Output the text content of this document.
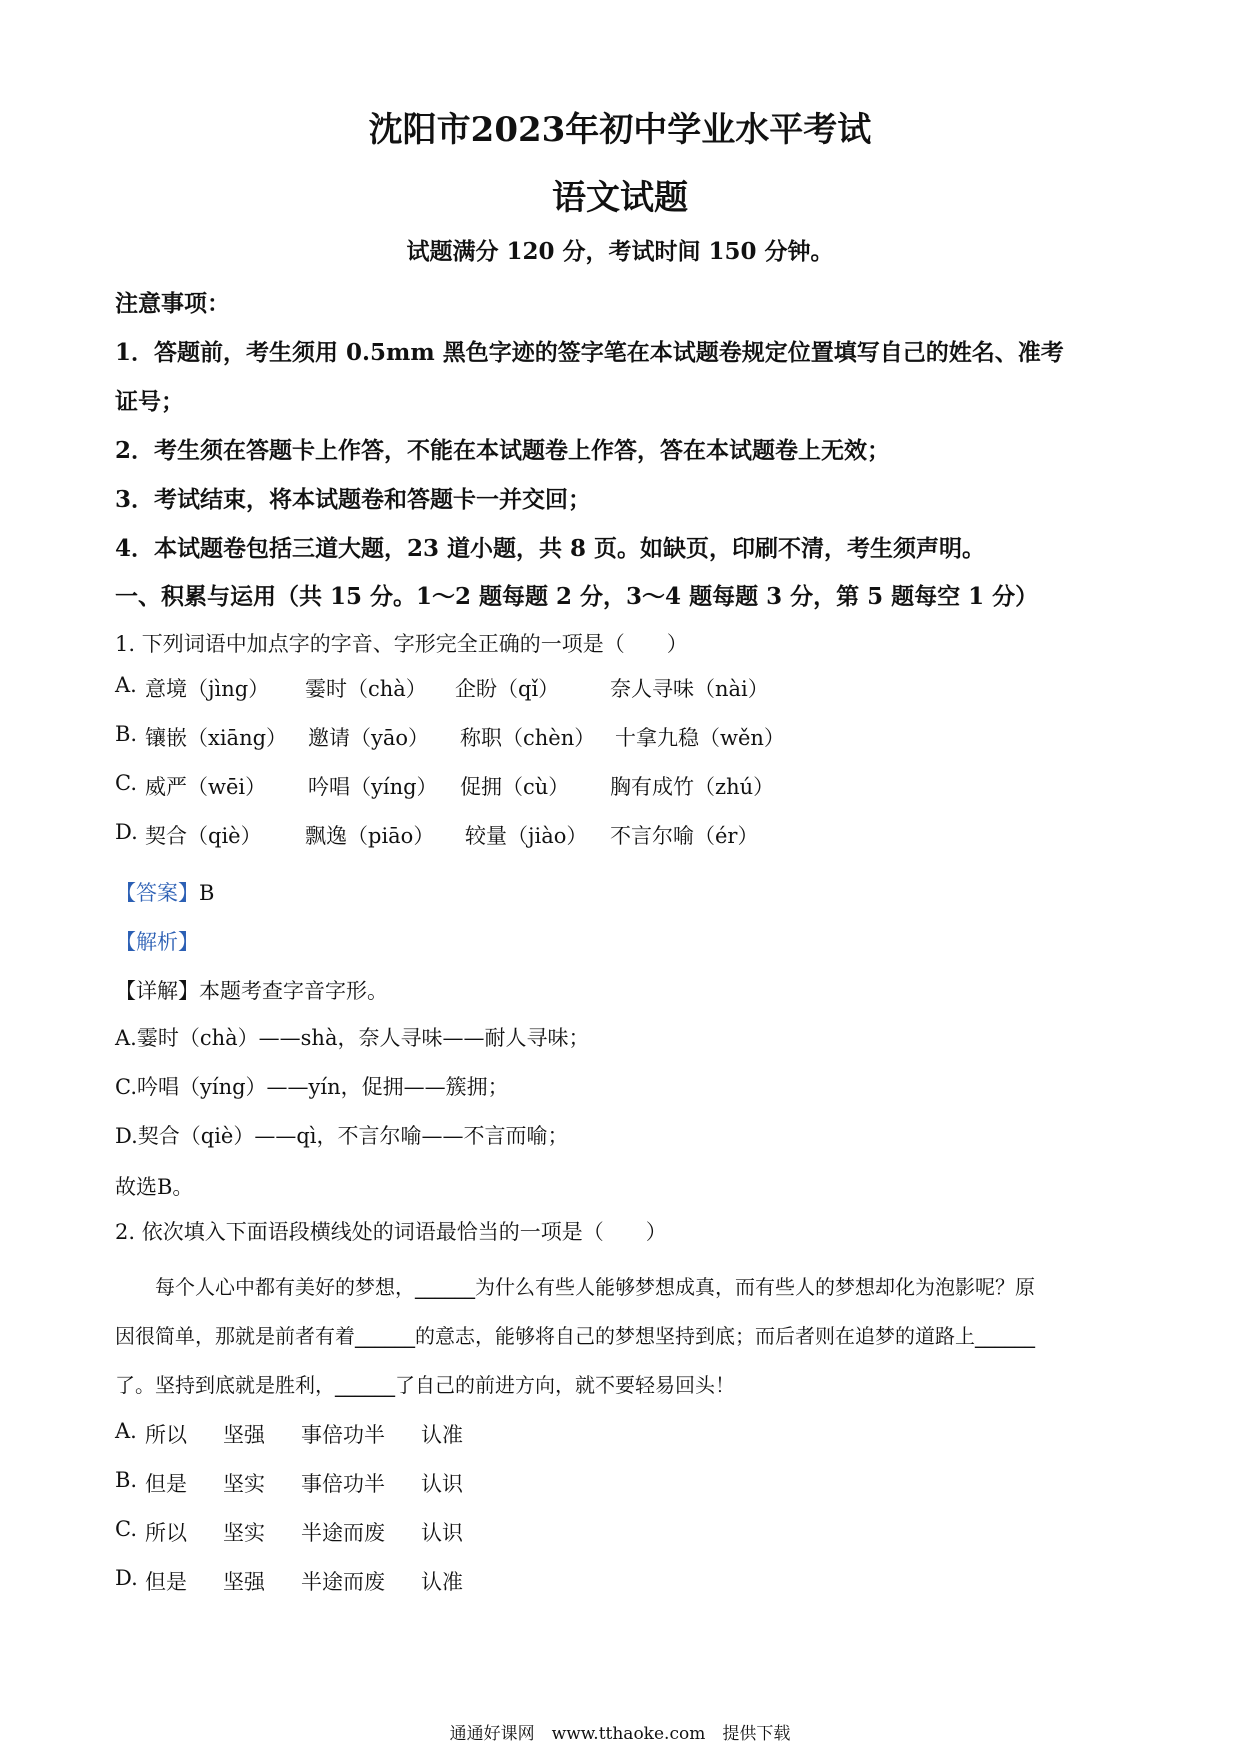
沈阳市2023年初中学业水平考试
语文试题
试题满分 120 分，考试时间 150 分钟。
注意事项：
1．答题前，考生须用 0.5mm 黑色字迹的签字笔在本试题卷规定位置填写自己的姓名、准考
证号；
2．考生须在答题卡上作答，不能在本试题卷上作答，答在本试题卷上无效；
3．考试结束，将本试题卷和答题卡一并交回；
4．本试题卷包括三道大题，23 道小题，共 8 页。如缺页，印刷不清，考生须声明。
一、积累与运用（共 15 分。1～2 题每题 2 分，3～4 题每题 3 分，第 5 题每空 1 分）
1. 下列词语中加点字的字音、字形完全正确的一项是（　　）
A. 意境（jìng） 霎时（chà） 企盼（qǐ） 奈人寻味（nài）
B. 镶嵌（xiāng） 邀请（yāo） 称职（chèn） 十拿九稳（wěn）
C. 威严（wēi） 吟唱（yíng） 促拥（cù） 胸有成竹（zhú）
D. 契合（qiè） 飘逸（piāo） 较量（jiào） 不言尔喻（ér）
【答案】B
【解析】
【详解】本题考查字音字形。
A.霎时（chà）——shà，奈人寻味——耐人寻味；
C.吟唱（yíng）——yín，促拥——簇拥；
D.契合（qiè）——qì，不言尔喻——不言而喻；
故选B。
2. 依次填入下面语段横线处的词语最恰当的一项是（　　）
　　每个人心中都有美好的梦想，______为什么有些人能够梦想成真，而有些人的梦想却化为泡影呢？原
因很简单，那就是前者有着______的意志，能够将自己的梦想坚持到底；而后者则在追梦的道路上______
了。坚持到底就是胜利，______了自己的前进方向，就不要轻易回头！
A. 所以 坚强 事倍功半 认准
B. 但是 坚实 事倍功半 认识
C. 所以 坚实 半途而废 认识
D. 但是 坚强 半途而废 认准
通通好课网　www.tthaoke.com　提供下载
